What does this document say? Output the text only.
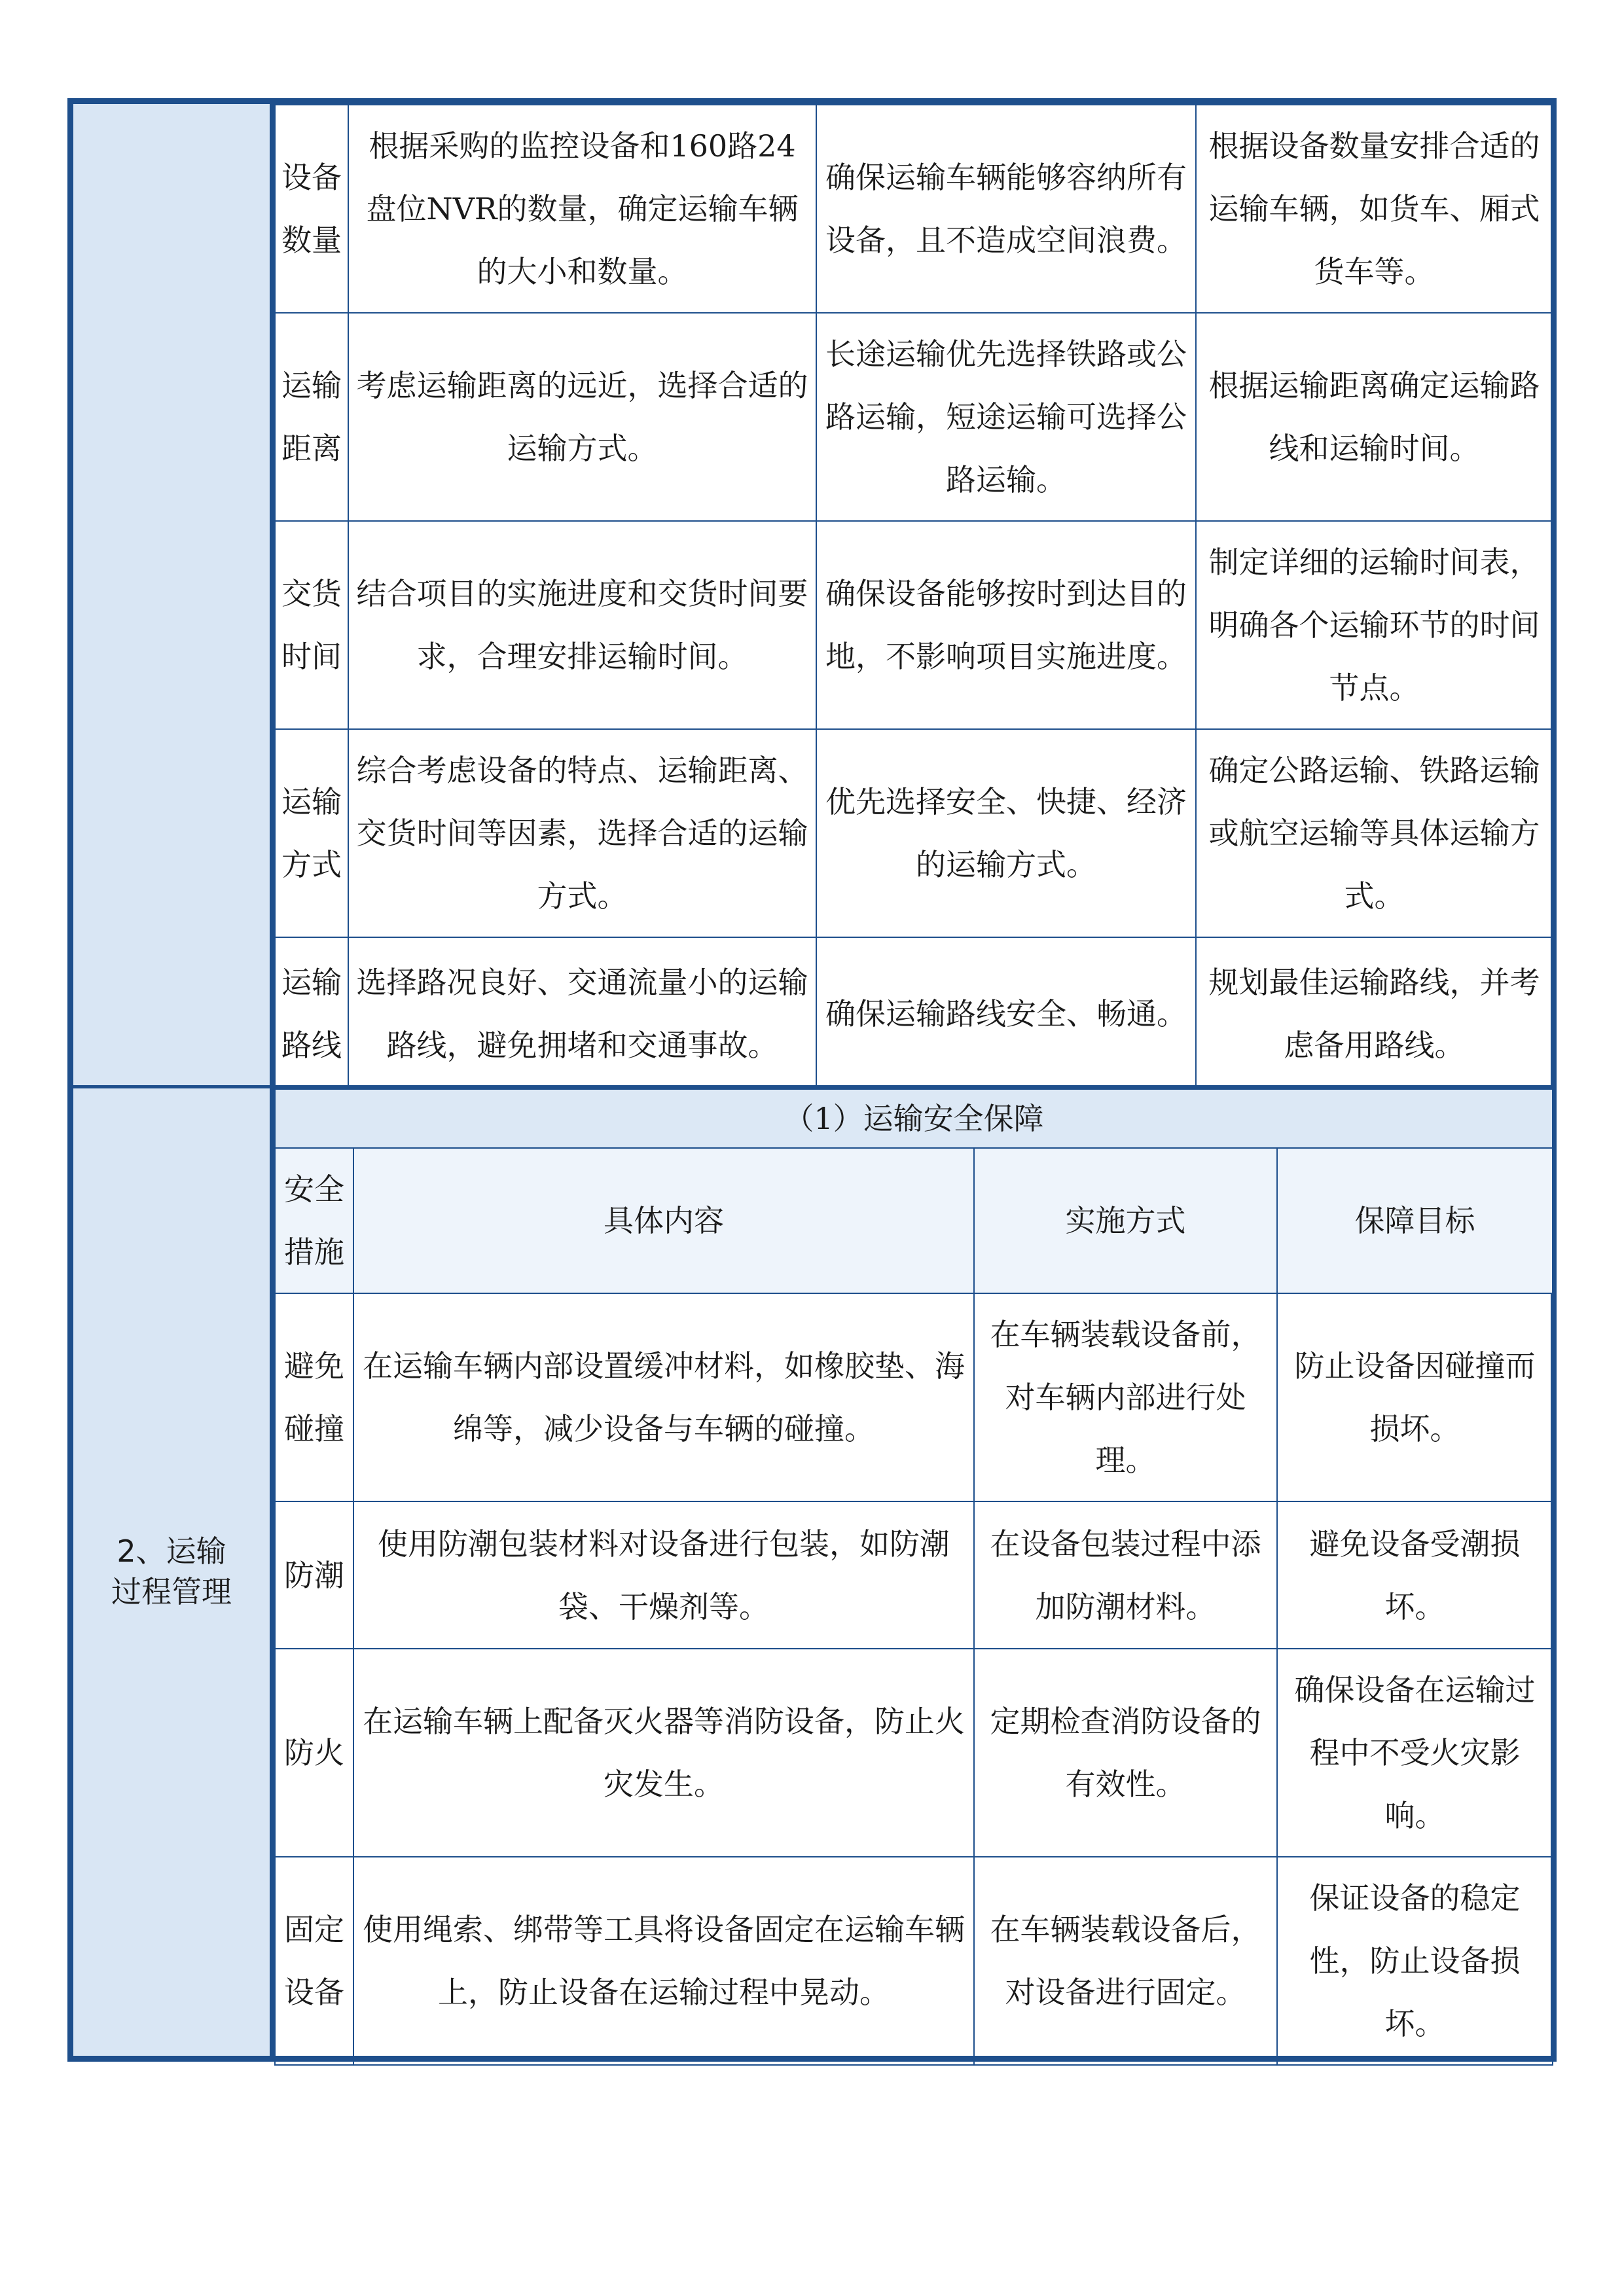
2、运输
过程管理
设备
数量	根据采购的监控设备和160路24盘位NVR的数量，确定运输车辆的大小和数量。	确保运输车辆能够容纳所有设备，且不造成空间浪费。	根据设备数量安排合适的运输车辆，如货车、厢式货车等。

运输
距离	考虑运输距离的远近，选择合适的运输方式。	长途运输优先选择铁路或公路运输，短途运输可选择公路运输。	根据运输距离确定运输路线和运输时间。

交货
时间	结合项目的实施进度和交货时间要求，合理安排运输时间。	确保设备能够按时到达目的地，不影响项目实施进度。	制定详细的运输时间表，明确各个运输环节的时间节点。

运输
方式	综合考虑设备的特点、运输距离、交货时间等因素，选择合适的运输方式。	优先选择安全、快捷、经济的运输方式。	确定公路运输、铁路运输或航空运输等具体运输方式。

运输
路线	选择路况良好、交通流量小的运输路线，避免拥堵和交通事故。	确保运输路线安全、畅通。	规划最佳运输路线，并考虑备用路线。
（1）运输安全保障			

安全
措施	具体内容	实施方式	保障目标

避免
碰撞	在运输车辆内部设置缓冲材料，如橡胶垫、海绵等，减少设备与车辆的碰撞。	在车辆装载设备前，对车辆内部进行处理。	防止设备因碰撞而损坏。

防潮	使用防潮包装材料对设备进行包装，如防潮袋、干燥剂等。	在设备包装过程中添加防潮材料。	避免设备受潮损坏。

防火	在运输车辆上配备灭火器等消防设备，防止火灾发生。	定期检查消防设备的有效性。	确保设备在运输过程中不受火灾影响。

固定
设备	使用绳索、绑带等工具将设备固定在运输车辆上，防止设备在运输过程中晃动。	在车辆装载设备后，对设备进行固定。	保证设备的稳定性，防止设备损坏。
